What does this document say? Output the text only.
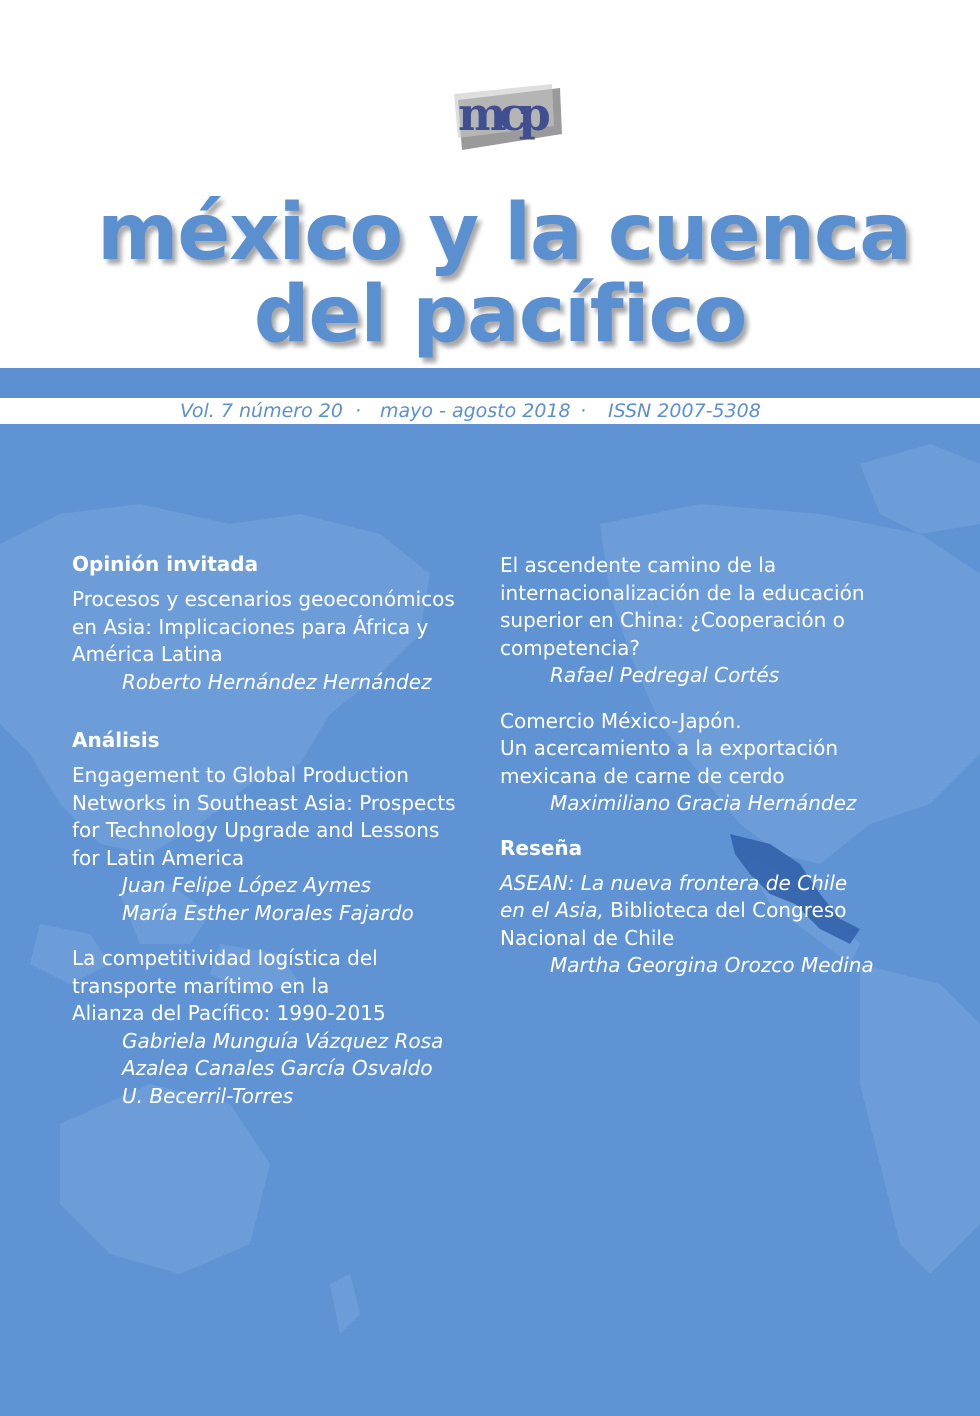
mcp
méxico y la cuenca
del pacífico
Vol. 7 número 20 · mayo - agosto 2018 · ISSN 2007-5308
Opinión invitada
Procesos y escenarios geoeconómicos
en Asia: Implicaciones para África y
América Latina
Roberto Hernández Hernández
Análisis
Engagement to Global Production
Networks in Southeast Asia: Prospects
for Technology Upgrade and Lessons
for Latin America
Juan Felipe López Aymes
María Esther Morales Fajardo
La competitividad logística del
transporte marítimo en la
Alianza del Pacífico: 1990-2015
Gabriela Munguía Vázquez Rosa
Azalea Canales García Osvaldo
U. Becerril-Torres
El ascendente camino de la
internacionalización de la educación
superior en China: ¿Cooperación o
competencia?
Rafael Pedregal Cortés
Comercio México-Japón.
Un acercamiento a la exportación
mexicana de carne de cerdo
Maximiliano Gracia Hernández
Reseña
ASEAN: La nueva frontera de Chile
en el Asia, Biblioteca del Congreso
Nacional de Chile
Martha Georgina Orozco Medina
